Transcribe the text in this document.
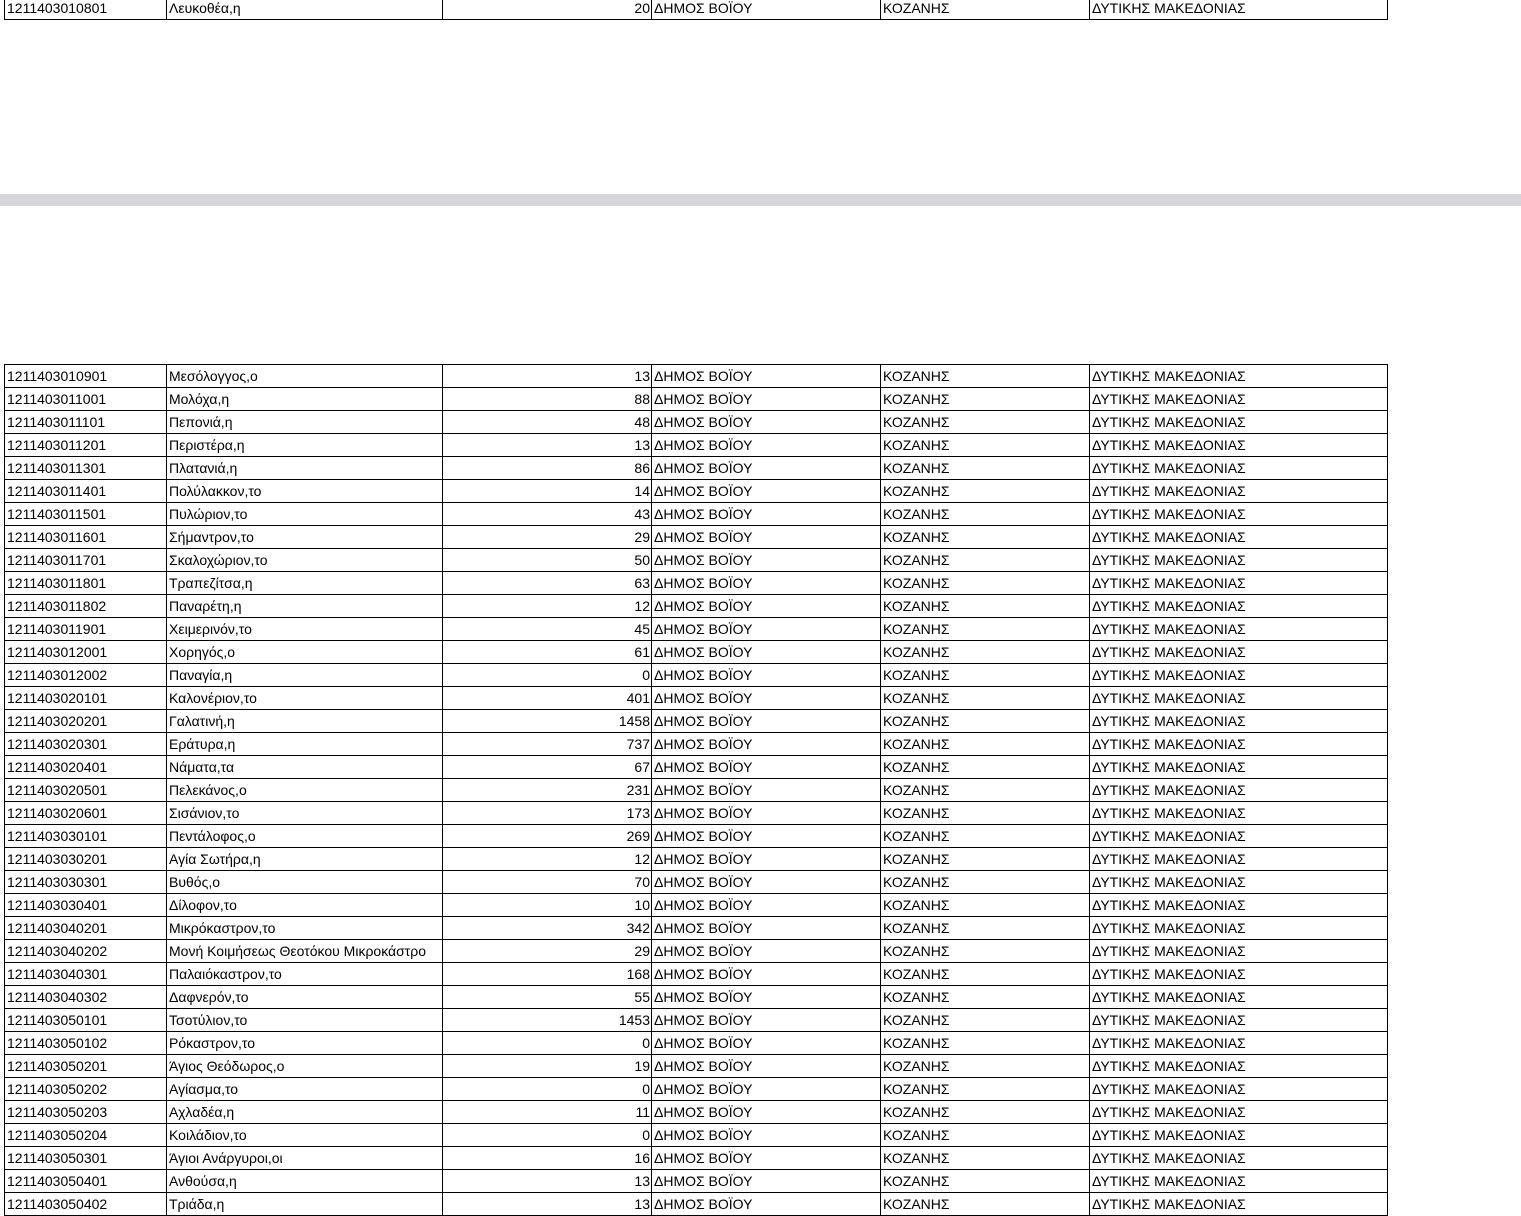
1211403010801	Λευκοθέα,η	20	ΔΗΜΟΣ ΒΟΪΟΥ	ΚΟΖΑΝΗΣ	ΔΥΤΙΚΗΣ ΜΑΚΕΔΟΝΙΑΣ
1211403010901	Μεσόλογγος,ο	13	ΔΗΜΟΣ ΒΟΪΟΥ	ΚΟΖΑΝΗΣ	ΔΥΤΙΚΗΣ ΜΑΚΕΔΟΝΙΑΣ
1211403011001	Μολόχα,η	88	ΔΗΜΟΣ ΒΟΪΟΥ	ΚΟΖΑΝΗΣ	ΔΥΤΙΚΗΣ ΜΑΚΕΔΟΝΙΑΣ
1211403011101	Πεπονιά,η	48	ΔΗΜΟΣ ΒΟΪΟΥ	ΚΟΖΑΝΗΣ	ΔΥΤΙΚΗΣ ΜΑΚΕΔΟΝΙΑΣ
1211403011201	Περιστέρα,η	13	ΔΗΜΟΣ ΒΟΪΟΥ	ΚΟΖΑΝΗΣ	ΔΥΤΙΚΗΣ ΜΑΚΕΔΟΝΙΑΣ
1211403011301	Πλατανιά,η	86	ΔΗΜΟΣ ΒΟΪΟΥ	ΚΟΖΑΝΗΣ	ΔΥΤΙΚΗΣ ΜΑΚΕΔΟΝΙΑΣ
1211403011401	Πολύλακκον,το	14	ΔΗΜΟΣ ΒΟΪΟΥ	ΚΟΖΑΝΗΣ	ΔΥΤΙΚΗΣ ΜΑΚΕΔΟΝΙΑΣ
1211403011501	Πυλώριον,το	43	ΔΗΜΟΣ ΒΟΪΟΥ	ΚΟΖΑΝΗΣ	ΔΥΤΙΚΗΣ ΜΑΚΕΔΟΝΙΑΣ
1211403011601	Σήμαντρον,το	29	ΔΗΜΟΣ ΒΟΪΟΥ	ΚΟΖΑΝΗΣ	ΔΥΤΙΚΗΣ ΜΑΚΕΔΟΝΙΑΣ
1211403011701	Σκαλοχώριον,το	50	ΔΗΜΟΣ ΒΟΪΟΥ	ΚΟΖΑΝΗΣ	ΔΥΤΙΚΗΣ ΜΑΚΕΔΟΝΙΑΣ
1211403011801	Τραπεζίτσα,η	63	ΔΗΜΟΣ ΒΟΪΟΥ	ΚΟΖΑΝΗΣ	ΔΥΤΙΚΗΣ ΜΑΚΕΔΟΝΙΑΣ
1211403011802	Παναρέτη,η	12	ΔΗΜΟΣ ΒΟΪΟΥ	ΚΟΖΑΝΗΣ	ΔΥΤΙΚΗΣ ΜΑΚΕΔΟΝΙΑΣ
1211403011901	Χειμερινόν,το	45	ΔΗΜΟΣ ΒΟΪΟΥ	ΚΟΖΑΝΗΣ	ΔΥΤΙΚΗΣ ΜΑΚΕΔΟΝΙΑΣ
1211403012001	Χορηγός,ο	61	ΔΗΜΟΣ ΒΟΪΟΥ	ΚΟΖΑΝΗΣ	ΔΥΤΙΚΗΣ ΜΑΚΕΔΟΝΙΑΣ
1211403012002	Παναγία,η	0	ΔΗΜΟΣ ΒΟΪΟΥ	ΚΟΖΑΝΗΣ	ΔΥΤΙΚΗΣ ΜΑΚΕΔΟΝΙΑΣ
1211403020101	Καλονέριον,το	401	ΔΗΜΟΣ ΒΟΪΟΥ	ΚΟΖΑΝΗΣ	ΔΥΤΙΚΗΣ ΜΑΚΕΔΟΝΙΑΣ
1211403020201	Γαλατινή,η	1458	ΔΗΜΟΣ ΒΟΪΟΥ	ΚΟΖΑΝΗΣ	ΔΥΤΙΚΗΣ ΜΑΚΕΔΟΝΙΑΣ
1211403020301	Εράτυρα,η	737	ΔΗΜΟΣ ΒΟΪΟΥ	ΚΟΖΑΝΗΣ	ΔΥΤΙΚΗΣ ΜΑΚΕΔΟΝΙΑΣ
1211403020401	Νάματα,τα	67	ΔΗΜΟΣ ΒΟΪΟΥ	ΚΟΖΑΝΗΣ	ΔΥΤΙΚΗΣ ΜΑΚΕΔΟΝΙΑΣ
1211403020501	Πελεκάνος,ο	231	ΔΗΜΟΣ ΒΟΪΟΥ	ΚΟΖΑΝΗΣ	ΔΥΤΙΚΗΣ ΜΑΚΕΔΟΝΙΑΣ
1211403020601	Σισάνιον,το	173	ΔΗΜΟΣ ΒΟΪΟΥ	ΚΟΖΑΝΗΣ	ΔΥΤΙΚΗΣ ΜΑΚΕΔΟΝΙΑΣ
1211403030101	Πεντάλοφος,ο	269	ΔΗΜΟΣ ΒΟΪΟΥ	ΚΟΖΑΝΗΣ	ΔΥΤΙΚΗΣ ΜΑΚΕΔΟΝΙΑΣ
1211403030201	Αγία Σωτήρα,η	12	ΔΗΜΟΣ ΒΟΪΟΥ	ΚΟΖΑΝΗΣ	ΔΥΤΙΚΗΣ ΜΑΚΕΔΟΝΙΑΣ
1211403030301	Βυθός,ο	70	ΔΗΜΟΣ ΒΟΪΟΥ	ΚΟΖΑΝΗΣ	ΔΥΤΙΚΗΣ ΜΑΚΕΔΟΝΙΑΣ
1211403030401	Δίλοφον,το	10	ΔΗΜΟΣ ΒΟΪΟΥ	ΚΟΖΑΝΗΣ	ΔΥΤΙΚΗΣ ΜΑΚΕΔΟΝΙΑΣ
1211403040201	Μικρόκαστρον,το	342	ΔΗΜΟΣ ΒΟΪΟΥ	ΚΟΖΑΝΗΣ	ΔΥΤΙΚΗΣ ΜΑΚΕΔΟΝΙΑΣ
1211403040202	Μονή Κοιμήσεως Θεοτόκου Μικροκάστρο	29	ΔΗΜΟΣ ΒΟΪΟΥ	ΚΟΖΑΝΗΣ	ΔΥΤΙΚΗΣ ΜΑΚΕΔΟΝΙΑΣ
1211403040301	Παλαιόκαστρον,το	168	ΔΗΜΟΣ ΒΟΪΟΥ	ΚΟΖΑΝΗΣ	ΔΥΤΙΚΗΣ ΜΑΚΕΔΟΝΙΑΣ
1211403040302	Δαφνερόν,το	55	ΔΗΜΟΣ ΒΟΪΟΥ	ΚΟΖΑΝΗΣ	ΔΥΤΙΚΗΣ ΜΑΚΕΔΟΝΙΑΣ
1211403050101	Τσοτύλιον,το	1453	ΔΗΜΟΣ ΒΟΪΟΥ	ΚΟΖΑΝΗΣ	ΔΥΤΙΚΗΣ ΜΑΚΕΔΟΝΙΑΣ
1211403050102	Ρόκαστρον,το	0	ΔΗΜΟΣ ΒΟΪΟΥ	ΚΟΖΑΝΗΣ	ΔΥΤΙΚΗΣ ΜΑΚΕΔΟΝΙΑΣ
1211403050201	Άγιος Θεόδωρος,ο	19	ΔΗΜΟΣ ΒΟΪΟΥ	ΚΟΖΑΝΗΣ	ΔΥΤΙΚΗΣ ΜΑΚΕΔΟΝΙΑΣ
1211403050202	Αγίασμα,το	0	ΔΗΜΟΣ ΒΟΪΟΥ	ΚΟΖΑΝΗΣ	ΔΥΤΙΚΗΣ ΜΑΚΕΔΟΝΙΑΣ
1211403050203	Αχλαδέα,η	11	ΔΗΜΟΣ ΒΟΪΟΥ	ΚΟΖΑΝΗΣ	ΔΥΤΙΚΗΣ ΜΑΚΕΔΟΝΙΑΣ
1211403050204	Κοιλάδιον,το	0	ΔΗΜΟΣ ΒΟΪΟΥ	ΚΟΖΑΝΗΣ	ΔΥΤΙΚΗΣ ΜΑΚΕΔΟΝΙΑΣ
1211403050301	Άγιοι Ανάργυροι,οι	16	ΔΗΜΟΣ ΒΟΪΟΥ	ΚΟΖΑΝΗΣ	ΔΥΤΙΚΗΣ ΜΑΚΕΔΟΝΙΑΣ
1211403050401	Ανθούσα,η	13	ΔΗΜΟΣ ΒΟΪΟΥ	ΚΟΖΑΝΗΣ	ΔΥΤΙΚΗΣ ΜΑΚΕΔΟΝΙΑΣ
1211403050402	Τριάδα,η	13	ΔΗΜΟΣ ΒΟΪΟΥ	ΚΟΖΑΝΗΣ	ΔΥΤΙΚΗΣ ΜΑΚΕΔΟΝΙΑΣ
